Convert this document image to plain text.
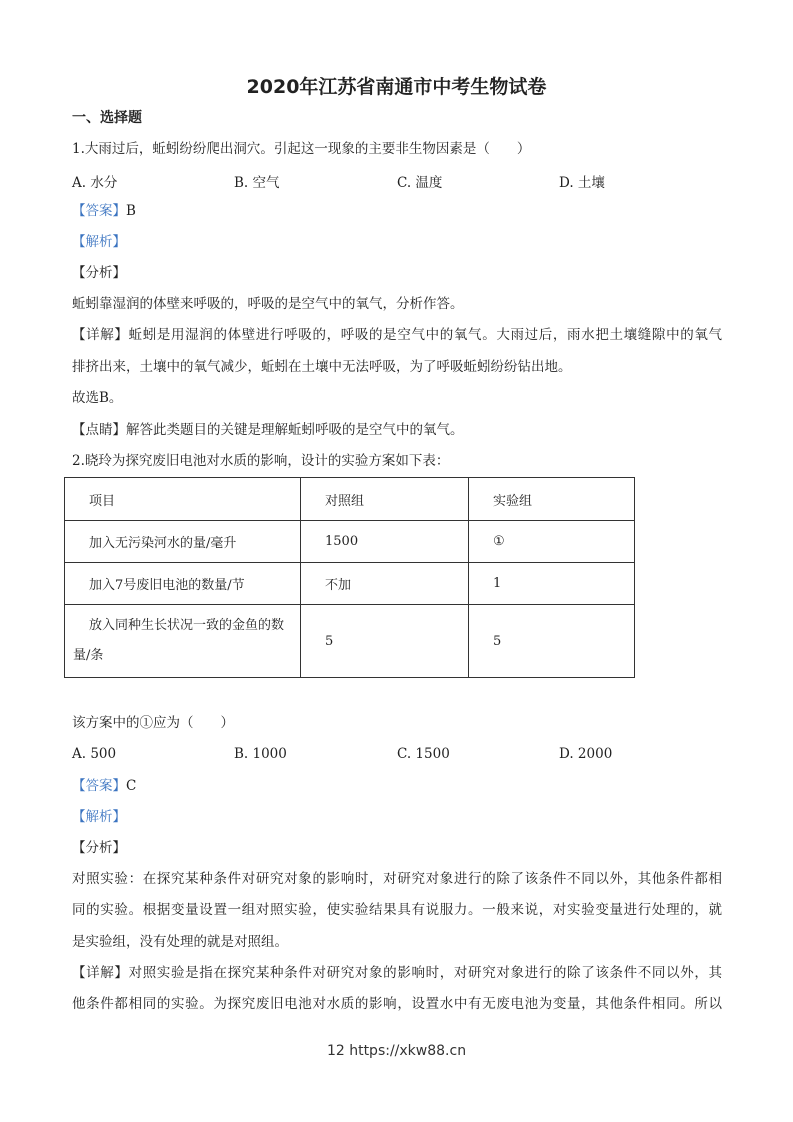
2020年江苏省南通市中考生物试卷
一、选择题
1.大雨过后，蚯蚓纷纷爬出洞穴。引起这一现象的主要非生物因素是（　　）
A. 水分	B. 空气	C. 温度	D. 土壤
【答案】B
【解析】
【分析】
蚯蚓靠湿润的体壁来呼吸的，呼吸的是空气中的氧气，分析作答。
【详解】蚯蚓是用湿润的体壁进行呼吸的，呼吸的是空气中的氧气。大雨过后，雨水把土壤缝隙中的氧气
排挤出来，土壤中的氧气减少，蚯蚓在土壤中无法呼吸，为了呼吸蚯蚓纷纷钻出地。
故选B。
【点睛】解答此类题目的关键是理解蚯蚓呼吸的是空气中的氧气。
2.晓玲为探究废旧电池对水质的影响，设计的实验方案如下表：
项目	对照组	实验组
加入无污染河水的量/毫升	1500	①
加入7号废旧电池的数量/节	不加	1
放入同种生长状况一致的金鱼的数量/条	5	5
该方案中的①应为（　　）
A. 500	B. 1000	C. 1500	D. 2000
【答案】C
【解析】
【分析】
对照实验：在探究某种条件对研究对象的影响时，对研究对象进行的除了该条件不同以外，其他条件都相
同的实验。根据变量设置一组对照实验，使实验结果具有说服力。一般来说，对实验变量进行处理的，就
是实验组，没有处理的就是对照组。
【详解】对照实验是指在探究某种条件对研究对象的影响时，对研究对象进行的除了该条件不同以外，其
他条件都相同的实验。为探究废旧电池对水质的影响，设置水中有无废电池为变量，其他条件相同。所以
12 https://xkw88.cn
